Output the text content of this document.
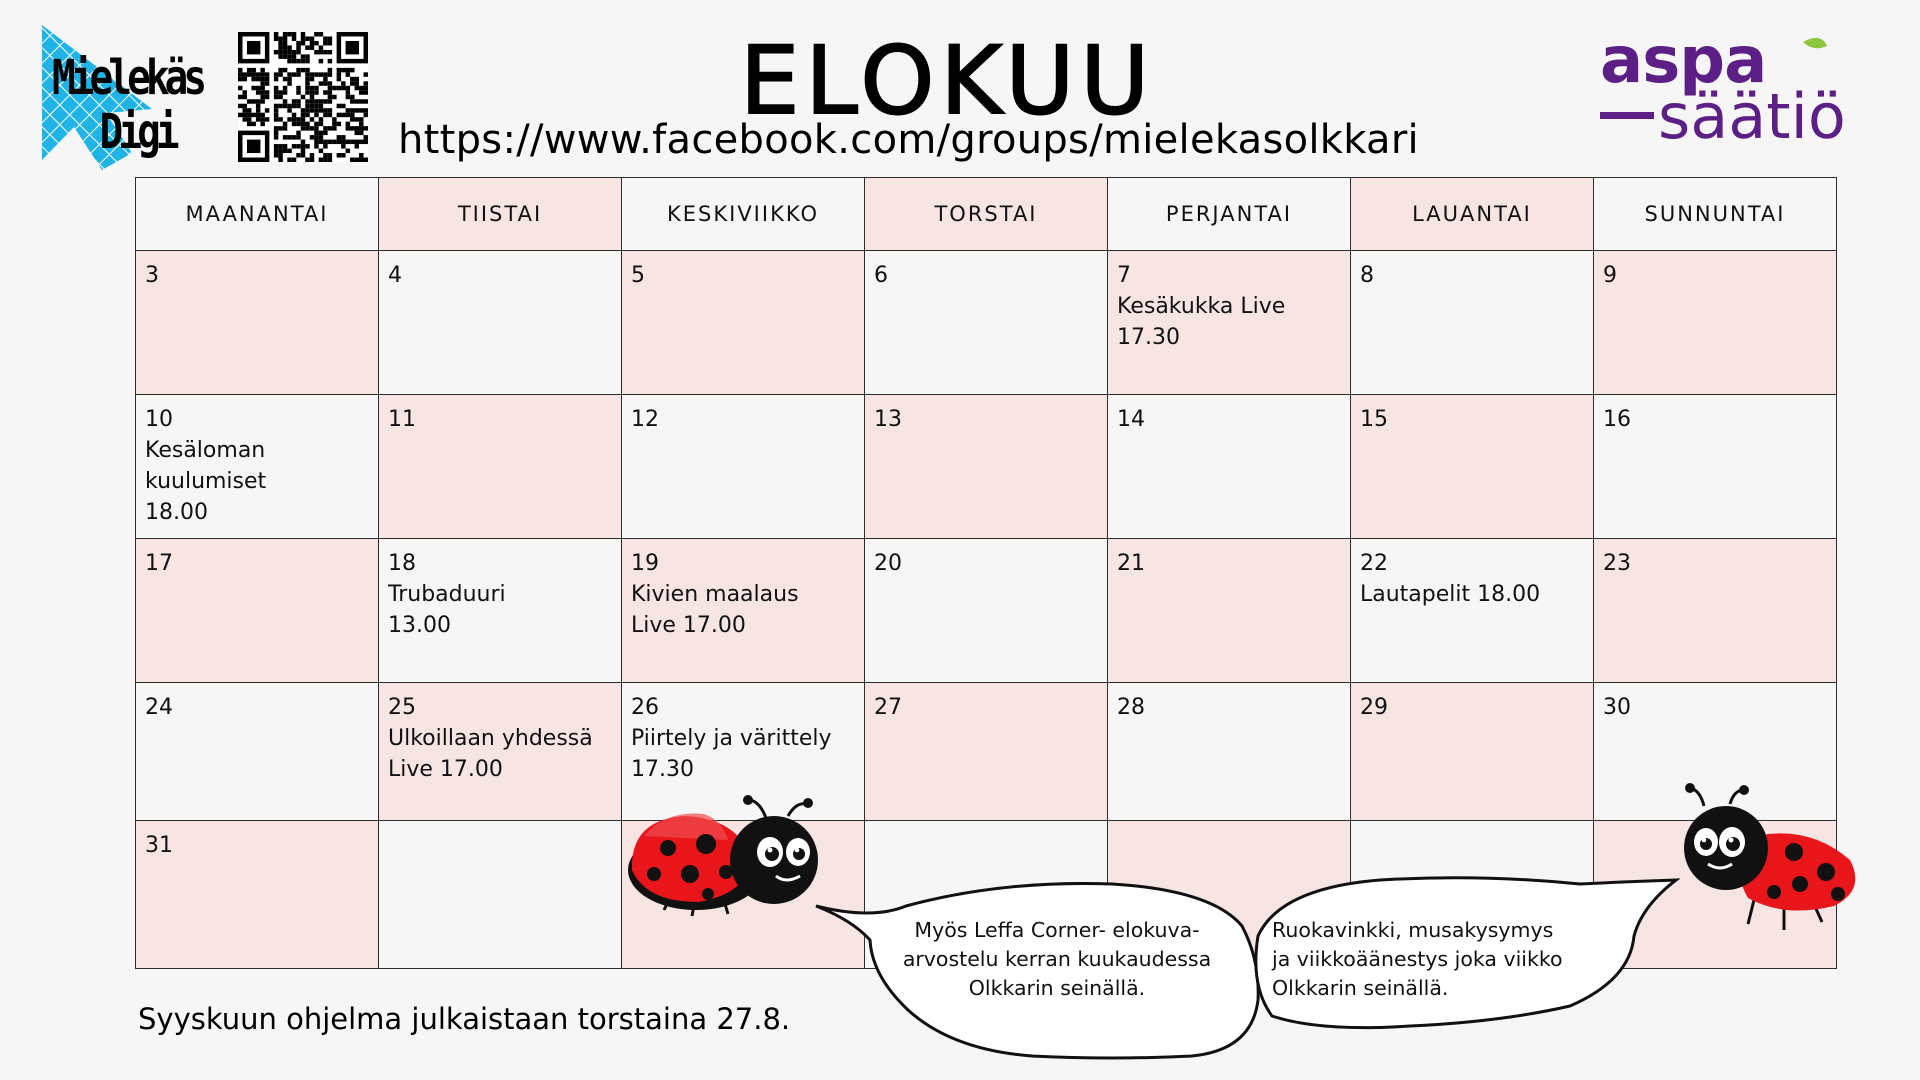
Mielekäs
Digi	ELOKUU
https://www.facebook.com/groups/mielekasolkkari
aspa
säätiö
MAANANTAI	TIISTAI	KESKIVIIKKO	TORSTAI	PERJANTAI	LAUANTAI	SUNNUNTAI

3	4	5	6	7
Kesäkukka Live
17.30	8	9

10
Kesäloman
kuulumiset
18.00	11	12	13	14	15	16

17	18
Trubaduuri
13.00	19
Kivien maalaus
Live 17.00	20	21	22
Lautapelit 18.00	23

24	25
Ulkoillaan yhdessä
Live 17.00	26
Piirtely ja värittely
17.30	27	28	29	30

31						

Myös Leffa Corner- elokuva-
arvostelu kerran kuukaudessa
Olkkarin seinällä.
Ruokavinkki, musakysymys
ja viikkoäänestys joka viikko
Olkkarin seinällä.
Syyskuun ohjelma julkaistaan torstaina 27.8.
